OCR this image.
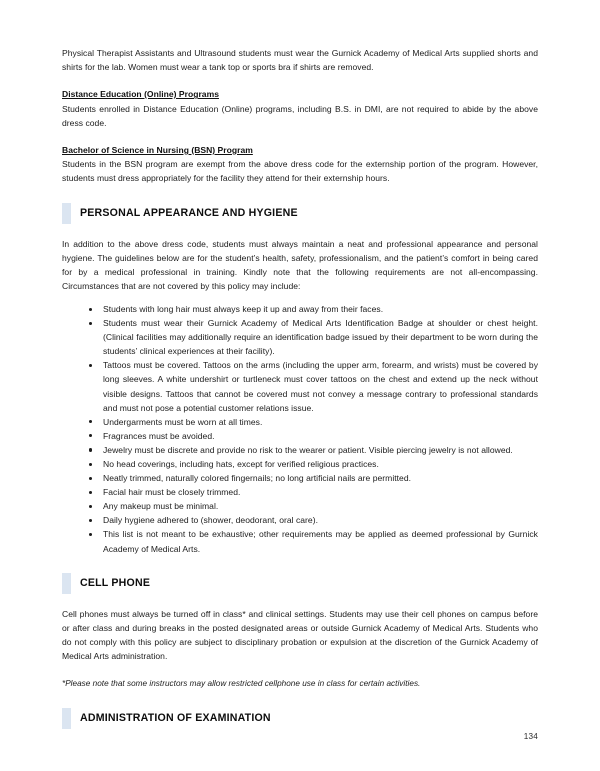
Physical Therapist Assistants and Ultrasound students must wear the Gurnick Academy of Medical Arts supplied shorts and shirts for the lab. Women must wear a tank top or sports bra if shirts are removed.

Distance Education (Online) Programs

Students enrolled in Distance Education (Online) programs, including B.S. in DMI, are not required to abide by the above dress code.

Bachelor of Science in Nursing (BSN) Program

Students in the BSN program are exempt from the above dress code for the externship portion of the program. However, students must dress appropriately for the facility they attend for their externship hours.

PERSONAL APPEARANCE AND HYGIENE

In addition to the above dress code, students must always maintain a neat and professional appearance and personal hygiene. The guidelines below are for the student’s health, safety, professionalism, and the patient’s comfort in being cared for by a medical professional in training. Kindly note that the following requirements are not all-encompassing. Circumstances that are not covered by this policy may include:

Students with long hair must always keep it up and away from their faces.
Students must wear their Gurnick Academy of Medical Arts Identification Badge at shoulder or chest height. (Clinical facilities may additionally require an identification badge issued by their department to be worn during the students’ clinical experiences at their facility).
Tattoos must be covered. Tattoos on the arms (including the upper arm, forearm, and wrists) must be covered by long sleeves. A white undershirt or turtleneck must cover tattoos on the chest and extend up the neck without visible designs. Tattoos that cannot be covered must not convey a message contrary to professional standards and must not pose a potential customer relations issue.
Undergarments must be worn at all times.
Fragrances must be avoided.
Jewelry must be discrete and provide no risk to the wearer or patient. Visible piercing jewelry is not allowed.
No head coverings, including hats, except for verified religious practices.
Neatly trimmed, naturally colored fingernails; no long artificial nails are permitted.
Facial hair must be closely trimmed.
Any makeup must be minimal.
Daily hygiene adhered to (shower, deodorant, oral care).
This list is not meant to be exhaustive; other requirements may be applied as deemed professional by Gurnick Academy of Medical Arts.
CELL PHONE

Cell phones must always be turned off in class* and clinical settings. Students may use their cell phones on campus before or after class and during breaks in the posted designated areas or outside Gurnick Academy of Medical Arts. Students who do not comply with this policy are subject to disciplinary probation or expulsion at the discretion of the Gurnick Academy of Medical Arts administration.

*Please note that some instructors may allow restricted cellphone use in class for certain activities.

ADMINISTRATION OF EXAMINATION
134
